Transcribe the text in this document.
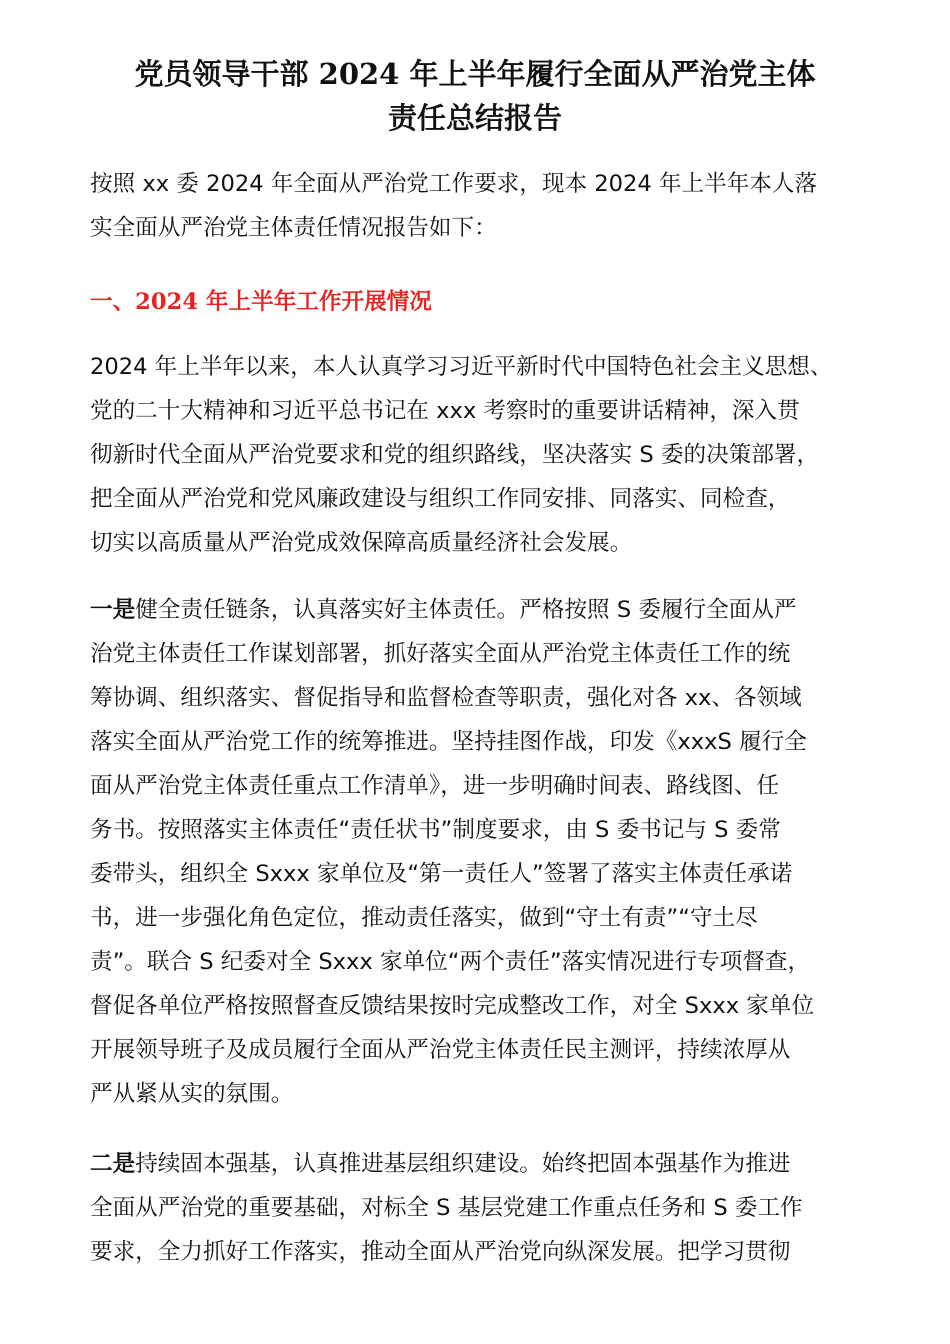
党员领导干部 2024 年上半年履行全面从严治党主体
责任总结报告
按照 xx 委 2024 年全面从严治党工作要求，现本 2024 年上半年本人落
实全面从严治党主体责任情况报告如下：
一、2024 年上半年工作开展情况
2024 年上半年以来，本人认真学习习近平新时代中国特色社会主义思想、
党的二十大精神和习近平总书记在 xxx 考察时的重要讲话精神，深入贯
彻新时代全面从严治党要求和党的组织路线，坚决落实 S 委的决策部署，
把全面从严治党和党风廉政建设与组织工作同安排、同落实、同检查，
切实以高质量从严治党成效保障高质量经济社会发展。
一是健全责任链条，认真落实好主体责任。严格按照 S 委履行全面从严
治党主体责任工作谋划部署，抓好落实全面从严治党主体责任工作的统
筹协调、组织落实、督促指导和监督检查等职责，强化对各 xx、各领域
落实全面从严治党工作的统筹推进。坚持挂图作战，印发《xxxS 履行全
面从严治党主体责任重点工作清单》，进一步明确时间表、路线图、任
务书。按照落实主体责任“责任状书”制度要求，由 S 委书记与 S 委常
委带头，组织全 Sxxx 家单位及“第一责任人”签署了落实主体责任承诺
书，进一步强化角色定位，推动责任落实，做到“守土有责”“守土尽
责”。联合 S 纪委对全 Sxxx 家单位“两个责任”落实情况进行专项督查，
督促各单位严格按照督查反馈结果按时完成整改工作，对全 Sxxx 家单位
开展领导班子及成员履行全面从严治党主体责任民主测评，持续浓厚从
严从紧从实的氛围。
二是持续固本强基，认真推进基层组织建设。始终把固本强基作为推进
全面从严治党的重要基础，对标全 S 基层党建工作重点任务和 S 委工作
要求，全力抓好工作落实，推动全面从严治党向纵深发展。把学习贯彻
